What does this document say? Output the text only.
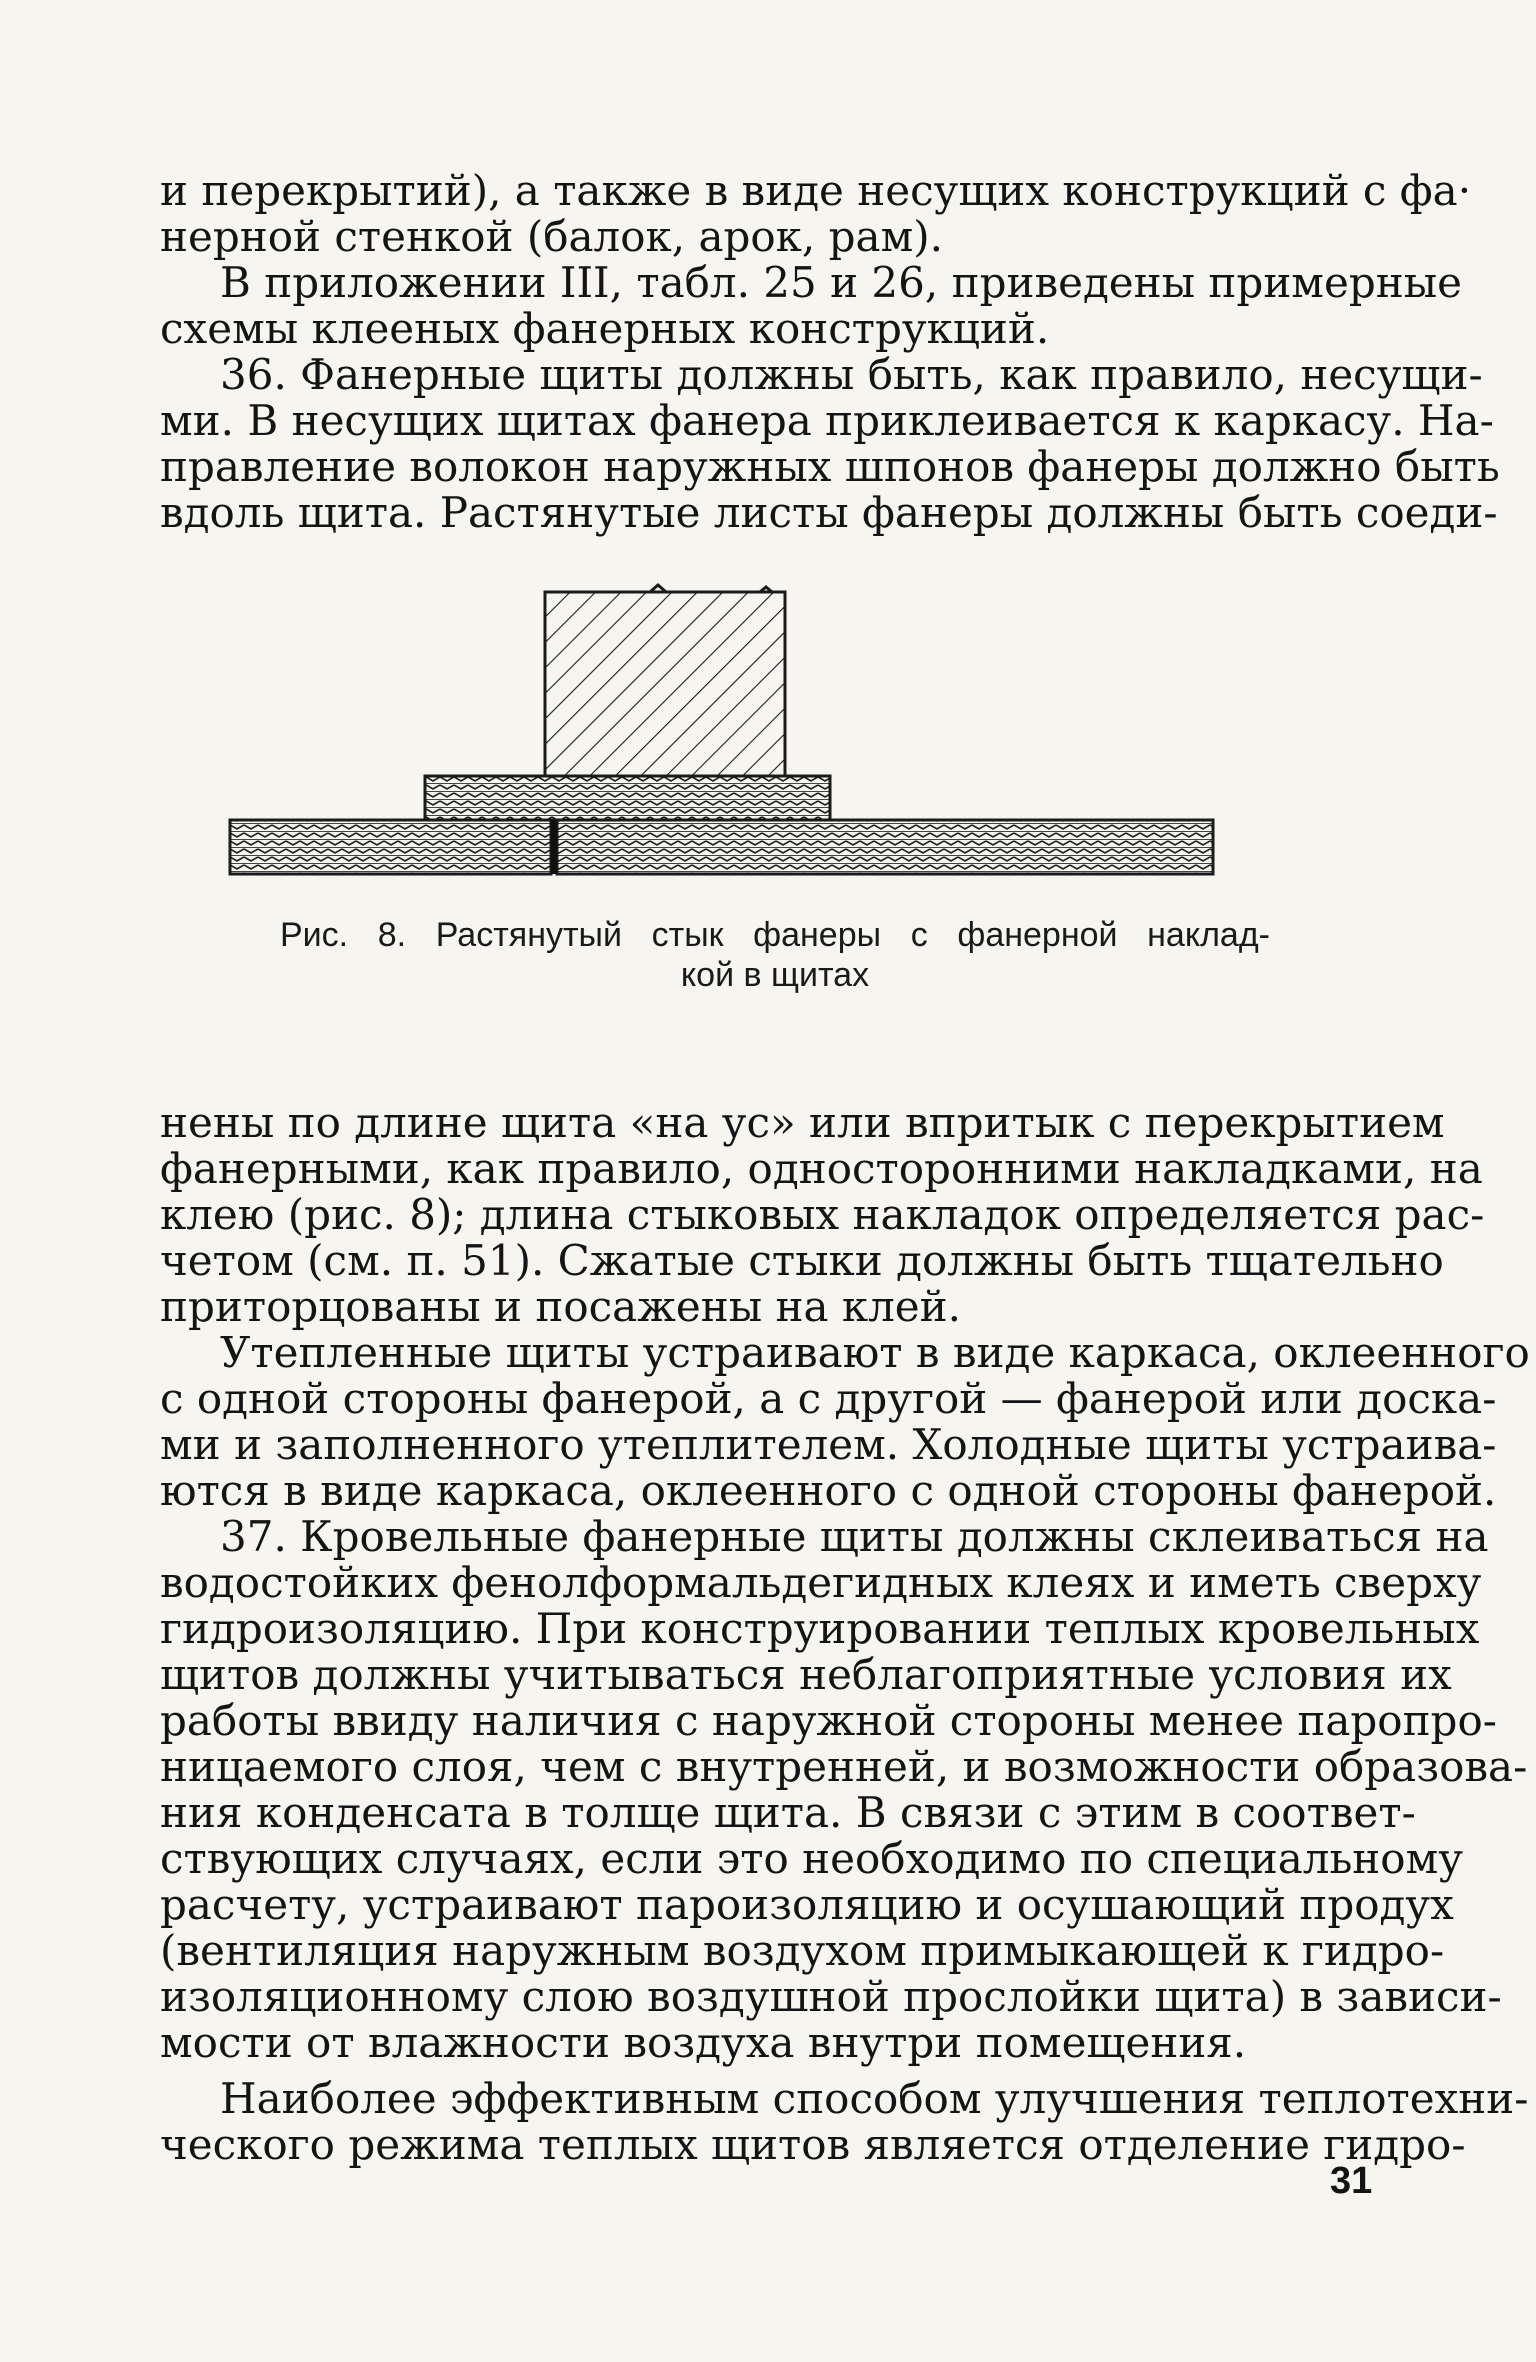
и перекрытий), а также в виде несущих конструкций с фа·
нерной стенкой (балок, арок, рам).
В приложении III, табл. 25 и 26, приведены примерные
схемы клееных фанерных конструкций.
36. Фанерные щиты должны быть, как правило, несущи-
ми. В несущих щитах фанера приклеивается к каркасу. На-
правление волокон наружных шпонов фанеры должно быть
вдоль щита. Растянутые листы фанеры должны быть соеди-
Рис. 8. Растянутый стык фанеры с фанерной наклад-
кой в щитах
нены по длине щита «на ус» или впритык с перекрытием
фанерными, как правило, односторонними накладками, на
клею (рис. 8); длина стыковых накладок определяется рас-
четом (см. п. 51). Сжатые стыки должны быть тщательно
приторцованы и посажены на клей.
Утепленные щиты устраивают в виде каркаса, оклеенного
с одной стороны фанерой, а с другой — фанерой или доска-
ми и заполненного утеплителем. Холодные щиты устраива-
ются в виде каркаса, оклеенного с одной стороны фанерой.
37. Кровельные фанерные щиты должны склеиваться на
водостойких фенолформальдегидных клеях и иметь сверху
гидроизоляцию. При конструировании теплых кровельных
щитов должны учитываться неблагоприятные условия их
работы ввиду наличия с наружной стороны менее паропро-
ницаемого слоя, чем с внутренней, и возможности образова-
ния конденсата в толще щита. В связи с этим в соответ-
ствующих случаях, если это необходимо по специальному
расчету, устраивают пароизоляцию и осушающий продух
(вентиляция наружным воздухом примыкающей к гидро-
изоляционному слою воздушной прослойки щита) в зависи-
мости от влажности воздуха внутри помещения.
Наиболее эффективным способом улучшения теплотехни-
ческого режима теплых щитов является отделение гидро-
31
